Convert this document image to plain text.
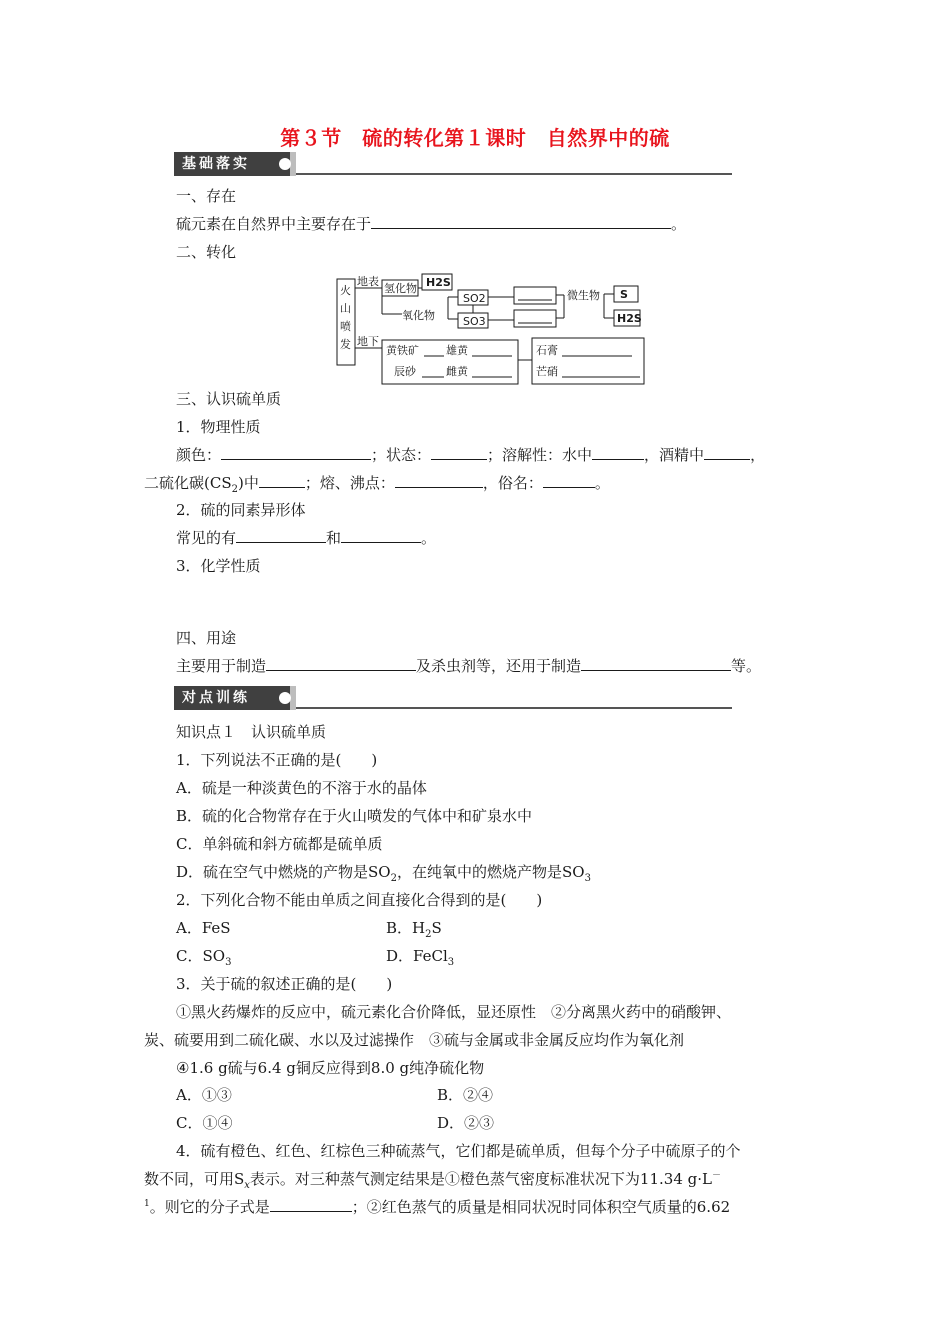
第３节　硫的转化第１课时　自然界中的硫
基础落实
一、存在
硫元素在自然界中主要存在于	。
二、转化
火
山
喷
发
地表
氢化物 H2S
氧化物
SO2
SO3
微生物 S
H2S
地下
黄铁矿 雄黄
辰砂	雌黄
石膏
芒硝
三、认识硫单质
1．物理性质
颜色：	；状态：	；溶解性：水中	，酒精中	，
二硫化碳$(CS_2)$中	；熔、沸点：	，俗名：	。
2．硫的同素异形体
常见的有	和	。
3．化学性质
四、用途
主要用于制造	及杀虫剂等，还用于制造	等。
对点训练
知识点１　认识硫单质
1．下列说法不正确的是(　　)
A．硫是一种淡黄色的不溶于水的晶体
B．硫的化合物常存在于火山喷发的气体中和矿泉水中
C．单斜硫和斜方硫都是硫单质
D．硫在空气中燃烧的产物是$SO_2$，在纯氧中的燃烧产物是$SO_3$
2．下列化合物不能由单质之间直接化合得到的是(　　)
A．FeS	B．$H_2S$
C．$SO_3$	D．FeCl$_3$
3．关于硫的叙述正确的是(　　)
①黑火药爆炸的反应中，硫元素化合价降低，显还原性　②分离黑火药中的硝酸钾、
炭、硫要用到二硫化碳、水以及过滤操作　③硫与金属或非金属反应均作为氧化剂
④1.6 g硫与6.4 g铜反应得到8.0 g纯净硫化物
A．①③	B．②④
C．①④	D．②③
4．硫有橙色、红色、红棕色三种硫蒸气，它们都是硫单质，但每个分子中硫原子的个
数不同，可用$S_x$表示。对三种蒸气测定结果是①橙色蒸气密度标准状况下为11.34 g·L－
$^1$。则它的分子式是	；②红色蒸气的质量是相同状况时同体积空气质量的6.62
